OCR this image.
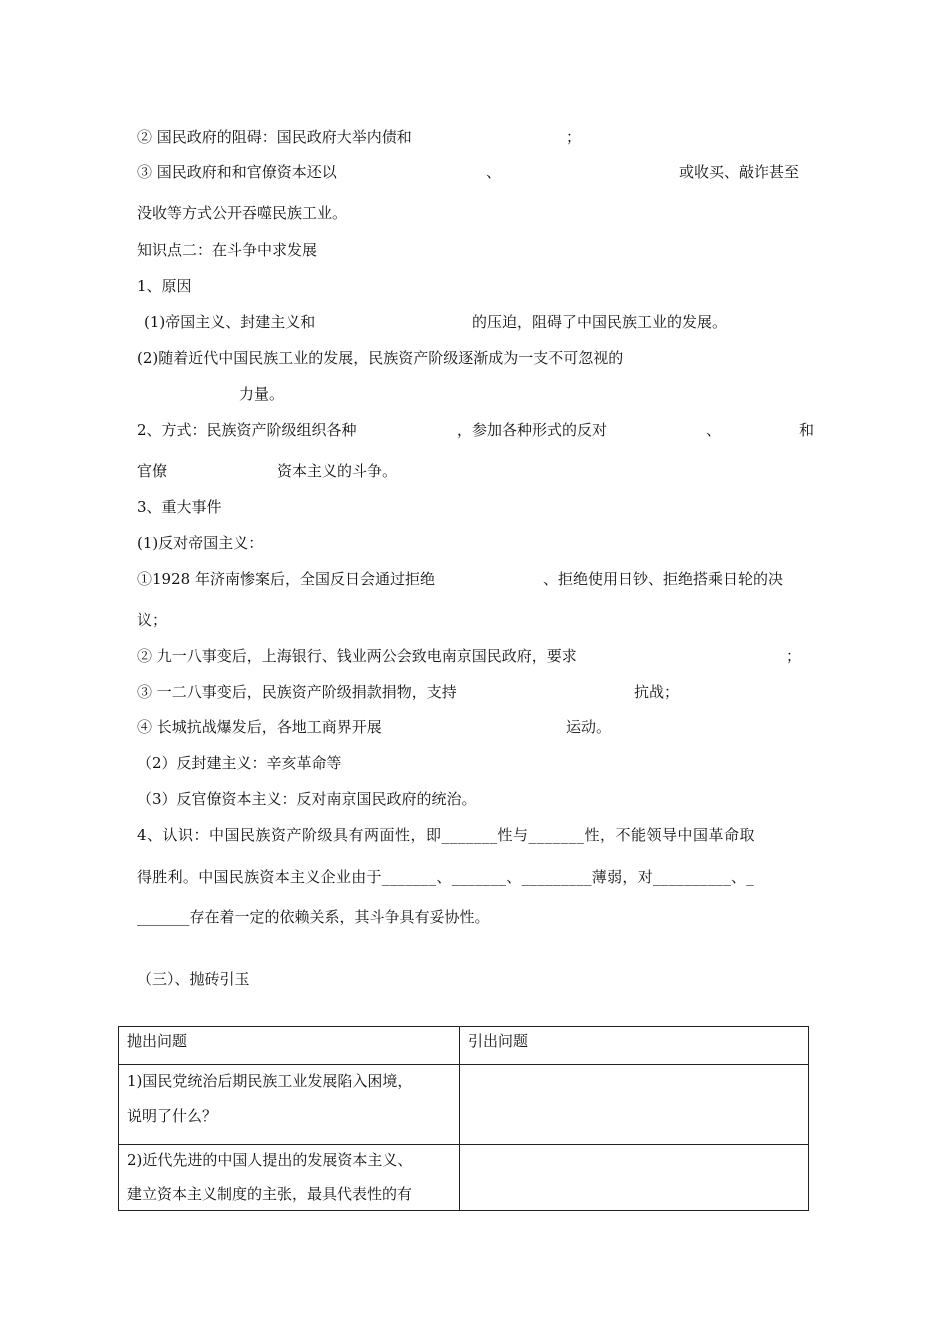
② 国民政府的阻碍：国民政府大举内债和	；
③ 国民政府和和官僚资本还以	、	或收买、敲诈甚至
没收等方式公开吞噬民族工业。
知识点二：在斗争中求发展
1、原因
(1)帝国主义、封建主义和	的压迫，阻碍了中国民族工业的发展。
(2)随着近代中国民族工业的发展，民族资产阶级逐渐成为一支不可忽视的
力量。
2、方式：民族资产阶级组织各种	，参加各种形式的反对	、	和
官僚	资本主义的斗争。
3、重大事件
(1)反对帝国主义：
①1928 年济南惨案后，全国反日会通过拒绝	、拒绝使用日钞、拒绝搭乘日轮的决
议；
② 九一八事变后，上海银行、钱业两公会致电南京国民政府，要求	；
③ 一二八事变后，民族资产阶级捐款捐物，支持	抗战；
④ 长城抗战爆发后，各地工商界开展	运动。
（2）反封建主义：辛亥革命等
（3）反官僚资本主义：反对南京国民政府的统治。
4、认识：中国民族资产阶级具有两面性，即_______性与_______性，不能领导中国革命取
得胜利。中国民族资本主义企业由于_______、_______、_________薄弱，对__________、_
_______存在着一定的依赖关系，其斗争具有妥协性。
（三）、抛砖引玉
抛出问题	引出问题

1)国民党统治后期民族工业发展陷入困境，
说明了什么？	

2)近代先进的中国人提出的发展资本主义、
建立资本主义制度的主张，最具代表性的有	
